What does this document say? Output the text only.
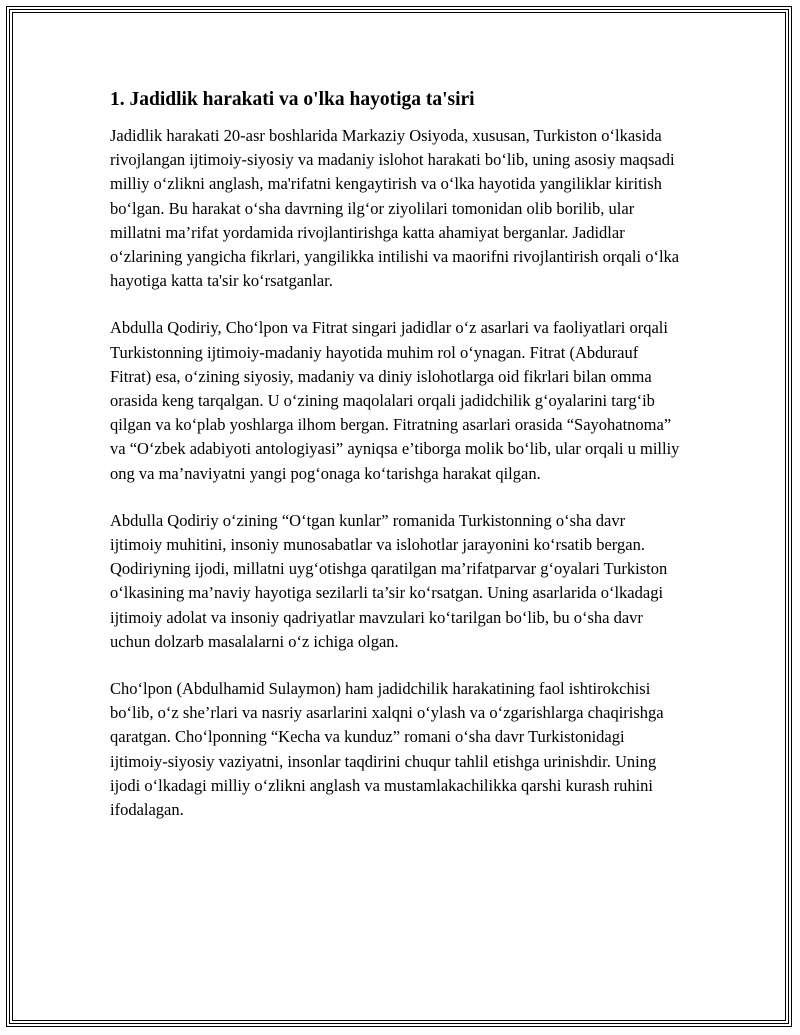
1. Jadidlik harakati va o'lka hayotiga ta'siri

Jadidlik harakati 20-asr boshlarida Markaziy Osiyoda, xususan, Turkiston o‘lkasida rivojlangan ijtimoiy-siyosiy va madaniy islohot harakati bo‘lib, uning asosiy maqsadi milliy o‘zlikni anglash, ma'rifatni kengaytirish va o‘lka hayotida yangiliklar kiritish bo‘lgan. Bu harakat o‘sha davrning ilg‘or ziyolilari tomonidan olib borilib, ular millatni ma’rifat yordamida rivojlantirishga katta ahamiyat berganlar. Jadidlar o‘zlarining yangicha fikrlari, yangilikka intilishi va maorifni rivojlantirish orqali o‘lka hayotiga katta ta'sir ko‘rsatganlar.

Abdulla Qodiriy, Cho‘lpon va Fitrat singari jadidlar o‘z asarlari va faoliyatlari orqali Turkistonning ijtimoiy-madaniy hayotida muhim rol o‘ynagan. Fitrat (Abdurauf Fitrat) esa, o‘zining siyosiy, madaniy va diniy islohotlarga oid fikrlari bilan omma orasida keng tarqalgan. U o‘zining maqolalari orqali jadidchilik g‘oyalarini targ‘ib qilgan va ko‘plab yoshlarga ilhom bergan. Fitratning asarlari orasida “Sayohatnoma” va “O‘zbek adabiyoti antologiyasi” ayniqsa e’tiborga molik bo‘lib, ular orqali u milliy ong va ma’naviyatni yangi pog‘onaga ko‘tarishga harakat qilgan.

Abdulla Qodiriy o‘zining “O‘tgan kunlar” romanida Turkistonning o‘sha davr ijtimoiy muhitini, insoniy munosabatlar va islohotlar jarayonini ko‘rsatib bergan. Qodiriyning ijodi, millatni uyg‘otishga qaratilgan ma’rifatparvar g‘oyalari Turkiston o‘lkasining ma’naviy hayotiga sezilarli ta’sir ko‘rsatgan. Uning asarlarida o‘lkadagi ijtimoiy adolat va insoniy qadriyatlar mavzulari ko‘tarilgan bo‘lib, bu o‘sha davr uchun dolzarb masalalarni o‘z ichiga olgan.

Cho‘lpon (Abdulhamid Sulaymon) ham jadidchilik harakatining faol ishtirokchisi bo‘lib, o‘z she’rlari va nasriy asarlarini xalqni o‘ylash va o‘zgarishlarga chaqirishga qaratgan. Cho‘lponning “Kecha va kunduz” romani o‘sha davr Turkistonidagi ijtimoiy-siyosiy vaziyatni, insonlar taqdirini chuqur tahlil etishga urinishdir. Uning ijodi o‘lkadagi milliy o‘zlikni anglash va mustamlakachilikka qarshi kurash ruhini ifodalagan.
